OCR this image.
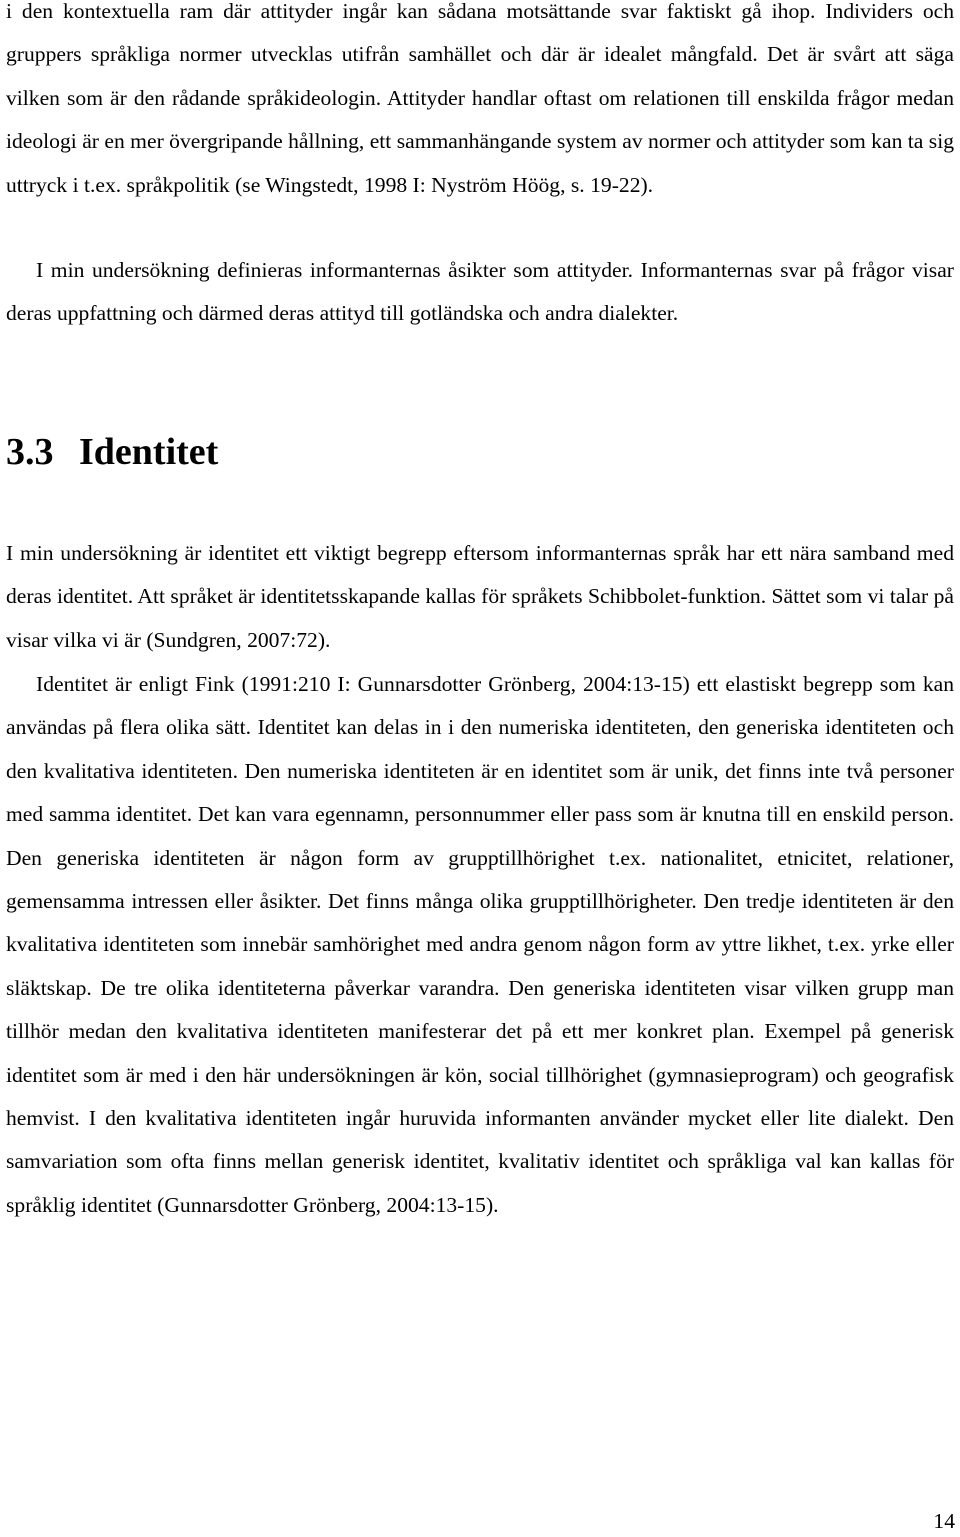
i den kontextuella ram där attityder ingår kan sådana motsättande svar faktiskt gå ihop. Individers och gruppers språkliga normer utvecklas utifrån samhället och där är idealet mångfald. Det är svårt att säga vilken som är den rådande språkideologin. Attityder handlar oftast om relationen till enskilda frågor medan ideologi är en mer övergripande hållning, ett sammanhängande system av normer och attityder som kan ta sig uttryck i t.ex. språkpolitik (se Wingstedt, 1998 I: Nyström Höög, s. 19-22).

I min undersökning definieras informanternas åsikter som attityder. Informanternas svar på frågor visar deras uppfattning och därmed deras attityd till gotländska och andra dialekter.

3.3 Identitet

I min undersökning är identitet ett viktigt begrepp eftersom informanternas språk har ett nära samband med deras identitet. Att språket är identitetsskapande kallas för språkets Schibbolet-funktion. Sättet som vi talar på visar vilka vi är (Sundgren, 2007:72).

Identitet är enligt Fink (1991:210 I: Gunnarsdotter Grönberg, 2004:13-15) ett elastiskt begrepp som kan användas på flera olika sätt. Identitet kan delas in i den numeriska identiteten, den generiska identiteten och den kvalitativa identiteten. Den numeriska identiteten är en identitet som är unik, det finns inte två personer med samma identitet. Det kan vara egennamn, personnummer eller pass som är knutna till en enskild person. Den generiska identiteten är någon form av grupptillhörighet t.ex. nationalitet, etnicitet, relationer, gemensamma intressen eller åsikter. Det finns många olika grupptillhörigheter. Den tredje identiteten är den kvalitativa identiteten som innebär samhörighet med andra genom någon form av yttre likhet, t.ex. yrke eller släktskap. De tre olika identiteterna påverkar varandra. Den generiska identiteten visar vilken grupp man tillhör medan den kvalitativa identiteten manifesterar det på ett mer konkret plan. Exempel på generisk identitet som är med i den här undersökningen är kön, social tillhörighet (gymnasieprogram) och geografisk hemvist. I den kvalitativa identiteten ingår huruvida informanten använder mycket eller lite dialekt. Den samvariation som ofta finns mellan generisk identitet, kvalitativ identitet och språkliga val kan kallas för språklig identitet (Gunnarsdotter Grönberg, 2004:13-15).

14
